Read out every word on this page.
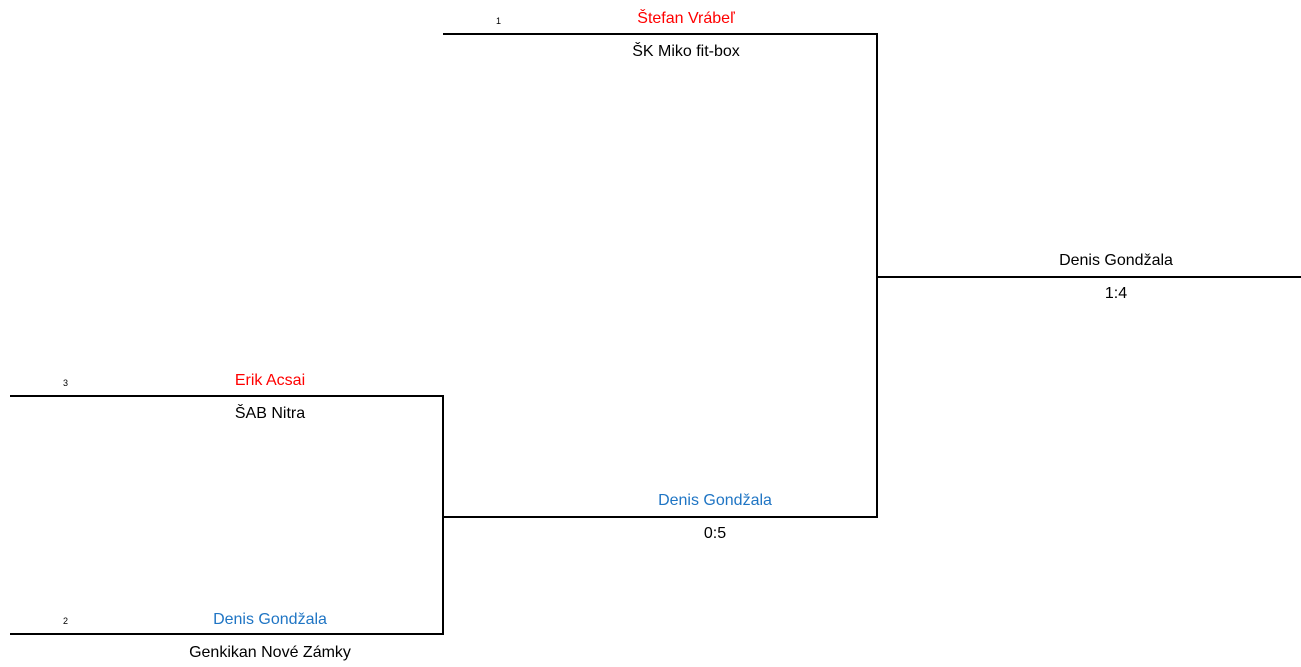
1	Štefan Vrábeľ
ŠK Miko fit-box
Denis Gondžala
1:4
3	Erik Acsai
ŠAB Nitra
Denis Gondžala
0:5
2	Denis Gondžala
Genkikan Nové Zámky
